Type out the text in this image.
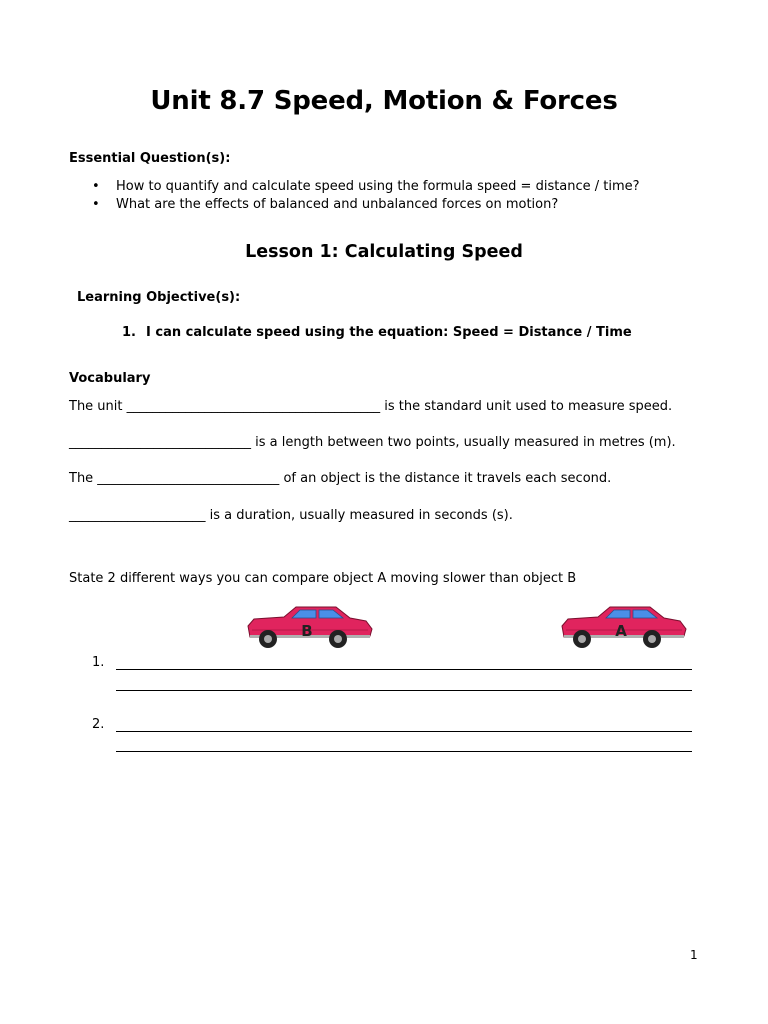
Unit 8.7 Speed, Motion & Forces
Essential Question(s):
• How to quantify and calculate speed using the formula speed = distance / time?
• What are the effects of balanced and unbalanced forces on motion?
Lesson 1: Calculating Speed
Learning Objective(s):
1. I can calculate speed using the equation: Speed = Distance / Time
Vocabulary
The unit _______________________________________ is the standard unit used to measure speed.
____________________________ is a length between two points, usually measured in metres (m).
The ____________________________ of an object is the distance it travels each second.
_____________________ is a duration, usually measured in seconds (s).
State 2 different ways you can compare object A moving slower than object B
B	A
1.
2.
1
